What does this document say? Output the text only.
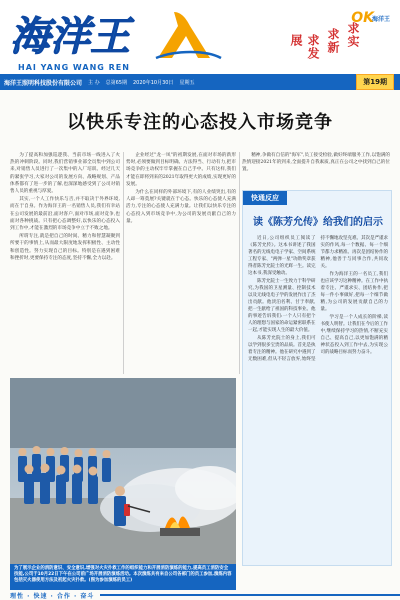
海洋王
HAI YANG WANG REN
OK
海洋王
求实
求新
求发展
海洋王照明科技股份有限公司 主 办 总第65期 2020年10月30日 星期五	第19期
以快乐专注的心态投入市场竞争

为了提高和加强巡逻我、当前市场一线进入了火热的冲刺阶段。同时,我们营销事业部全员集中到公司来,对销售人员进行了一次集中的入厂培训。经过几天的紧张学习,大家对公司的发展方向、战略规划、产品体系都有了进一步的了解,也深深地感受到了公司对销售人员的重视与厚爱。

其实,一个人工作快乐与否,并不取决于外界环境,而在于自身。作为海洋王的一名销售人员,我们有幸站在公司发展的最前沿,面对客户,面对市场,面对竞争,也面对各种挑战。只有把心态调整好,以快乐的心态投入到工作中,才能在激烈的市场竞争中立于不败之地。

所谓专注,就是把自己的时间、精力和智慧凝聚到所要干的事情上,从而最大限度地发挥积极性、主动性和创造性。努力实现自己的目标。特别是在遇到困难和挫折时,更要保持专注的态度,坚持不懈,全力以赴。

企业经过"龙一凤"的初期发展,在面对市场的新形势时,必须要做到目标明确、方法得当、行动有力,把市场竞争的主动权牢牢掌握在自己手中。只有这样,我们才能在即将到来的2021年取得更大的成绩,实现更好的发展。

为什么在同样的外部环境下,有的人业绩突出,有的人却一筹莫展?关键就在于心态。快乐的心态使人充满活力,专注的心态使人充满力量。让我们以快乐专注的心态投入到市场竞争中,为公司的发展贡献自己的力量。

精神,争做有自信的"海军",员工接受检验,做好终端服务工作,以饱满的热情迎接2021年的到来,全面提升自我素质,真正在公司之中找到自己的位置。

为了展示企业的消防意识、安全意识,增强对火灾扑救工作的组织能力和开展消防演练的能力,提高员工消防安全技能,公司于10月22日下午在公司前广场开展消防演练活动。本次演练共有来自公司各部门的员工参加,演练内容包括灭火器使用方法及初起火灾扑救。(图为参加演练的员工)
快通反应
读《陈芳允传》给我们的启示

近日,公司组织员工阅读了《陈芳允传》。这本书讲述了我国著名的无线电电子学家、空间系统工程专家、"两弹一星"功勋奖章获得者陈芳允院士的光辉一生。读完这本书,我深受触动。

陈芳允院士一生致力于科学研究,为我国的卫星测量、控制技术以及无线电电子学的发展作出了杰出贡献。他淡泊名利、甘于奉献,把一生献给了祖国的科技事业。他的事迹告诉我们:一个人只有把个人的理想与国家的命运紧密联系在一起,才能实现人生的最大价值。

从陈芳允院士的身上,我们可以学到很多宝贵的品质。首先是执着专注的精神。他在研究中遇到了无数困难,但从不轻言放弃,始终坚持不懈地攻坚克难。其次是严谨求实的作风,每一个数据、每一个细节都力求精准。再次是团结协作的精神,他善于与同事合作,共同攻关。

作为海洋王的一名员工,我们也应该学习这种精神。在工作中执着专注、严谨求实、团结协作,把每一件小事做好,把每一个细节做精,为公司的发展贡献自己的力量。

学习是一个人成长的阶梯,读书使人明智。让我们在今后的工作中,继续保持学习的热情,不断充实自己、提高自己,以更加饱满的精神状态投入到工作中去,为实现公司的战略目标而努力奋斗。

理性 · 快速 · 合作 · 奋斗
